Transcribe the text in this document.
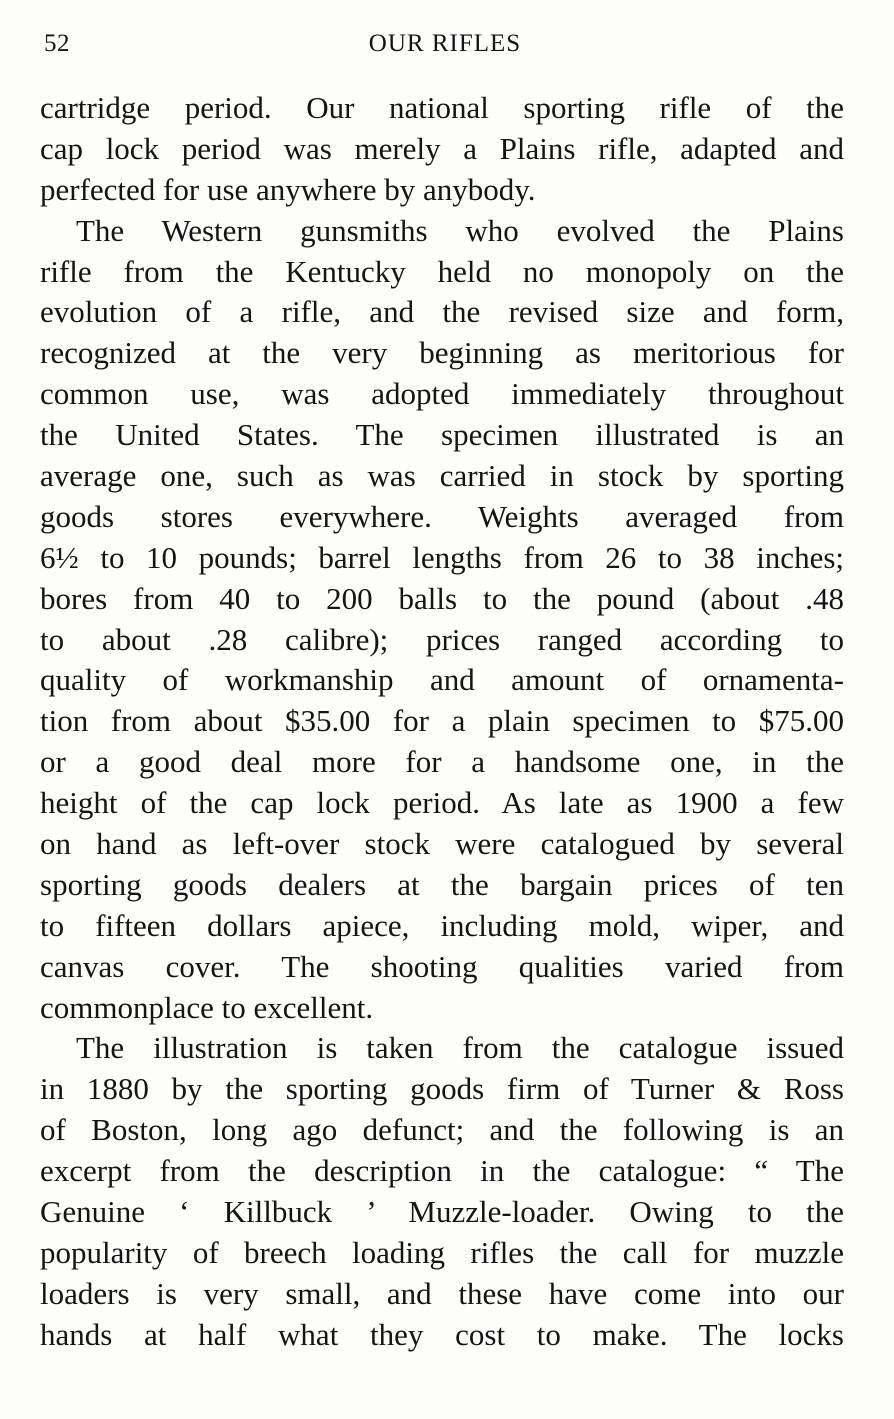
52	OUR RIFLES
cartridge period. Our national sporting rifle of the
cap lock period was merely a Plains rifle, adapted and
perfected for use anywhere by anybody.
The Western gunsmiths who evolved the Plains
rifle from the Kentucky held no monopoly on the
evolution of a rifle, and the revised size and form,
recognized at the very beginning as meritorious for
common use, was adopted immediately throughout
the United States. The specimen illustrated is an
average one, such as was carried in stock by sporting
goods stores everywhere. Weights averaged from
6½ to 10 pounds; barrel lengths from 26 to 38 inches;
bores from 40 to 200 balls to the pound (about .48
to about .28 calibre); prices ranged according to
quality of workmanship and amount of ornamenta-
tion from about $35.00 for a plain specimen to $75.00
or a good deal more for a handsome one, in the
height of the cap lock period. As late as 1900 a few
on hand as left-over stock were catalogued by several
sporting goods dealers at the bargain prices of ten
to fifteen dollars apiece, including mold, wiper, and
canvas cover. The shooting qualities varied from
commonplace to excellent.
The illustration is taken from the catalogue issued
in 1880 by the sporting goods firm of Turner & Ross
of Boston, long ago defunct; and the following is an
excerpt from the description in the catalogue: “ The
Genuine ‘ Killbuck ’ Muzzle-loader. Owing to the
popularity of breech loading rifles the call for muzzle
loaders is very small, and these have come into our
hands at half what they cost to make. The locks
